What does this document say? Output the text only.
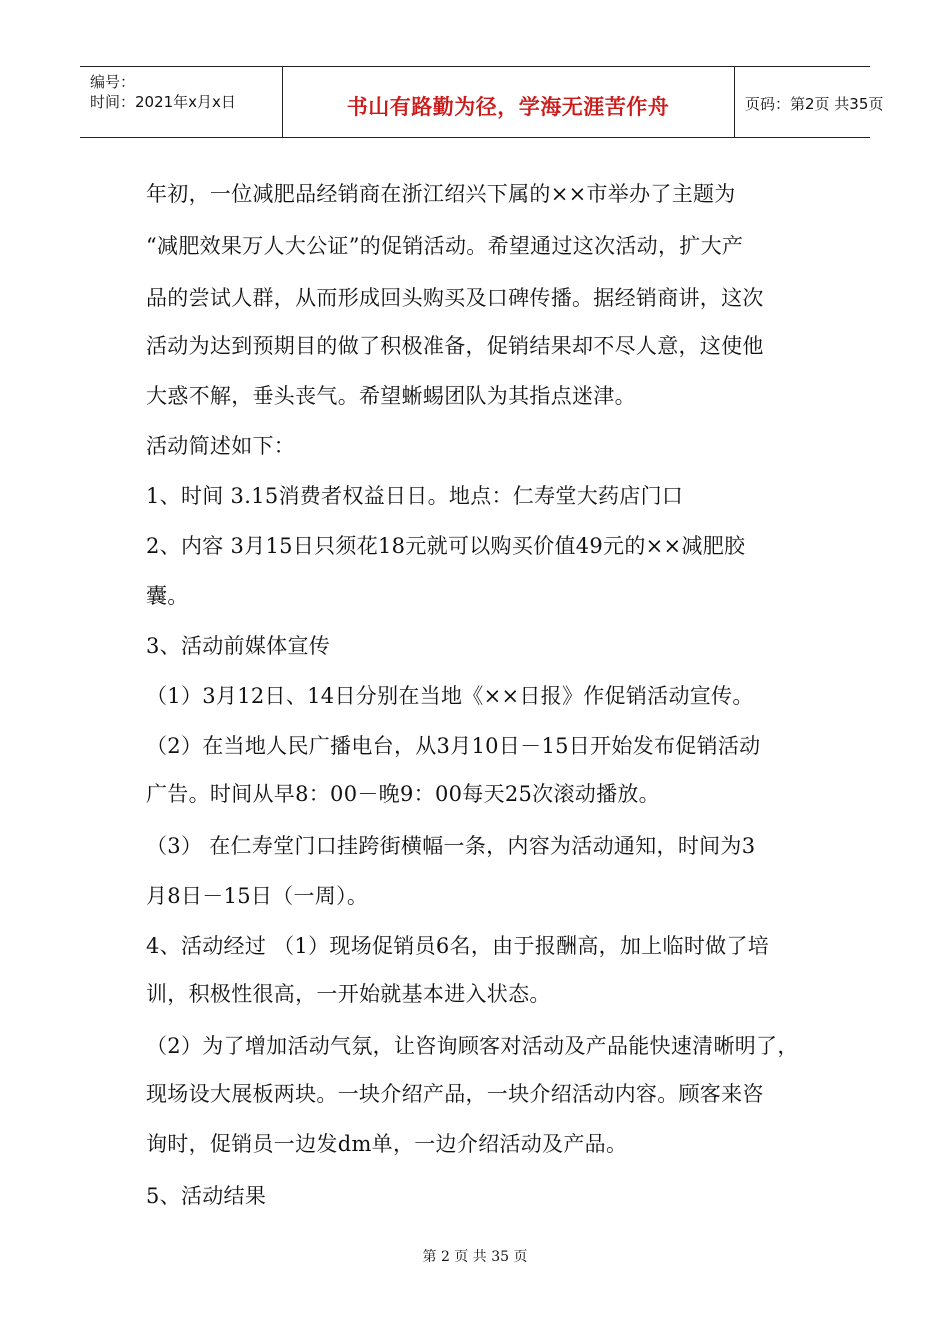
编号：
时间：2021年x月x日	书山有路勤为径，学海无涯苦作舟	页码：第2页 共35页
年初，一位减肥品经销商在浙江绍兴下属的××市举办了主题为
“减肥效果万人大公证”的促销活动。希望通过这次活动，扩大产
品的尝试人群，从而形成回头购买及口碑传播。据经销商讲，这次
活动为达到预期目的做了积极准备，促销结果却不尽人意，这使他
大惑不解，垂头丧气。希望蜥蜴团队为其指点迷津。
活动简述如下：
1、时间 3.15消费者权益日日。地点：仁寿堂大药店门口
2、内容 3月15日只须花18元就可以购买价值49元的××减肥胶
囊。
3、活动前媒体宣传
（1）3月12日、14日分别在当地《××日报》作促销活动宣传。
（2）在当地人民广播电台，从3月10日－15日开始发布促销活动
广告。时间从早8：00－晚9：00每天25次滚动播放。
（3） 在仁寿堂门口挂跨街横幅一条，内容为活动通知，时间为3
月8日－15日（一周）。
4、活动经过 （1）现场促销员6名，由于报酬高，加上临时做了培
训，积极性很高，一开始就基本进入状态。
（2）为了增加活动气氛，让咨询顾客对活动及产品能快速清晰明了，
现场设大展板两块。一块介绍产品，一块介绍活动内容。顾客来咨
询时，促销员一边发dm单，一边介绍活动及产品。
5、活动结果
第 2 页 共 35 页
